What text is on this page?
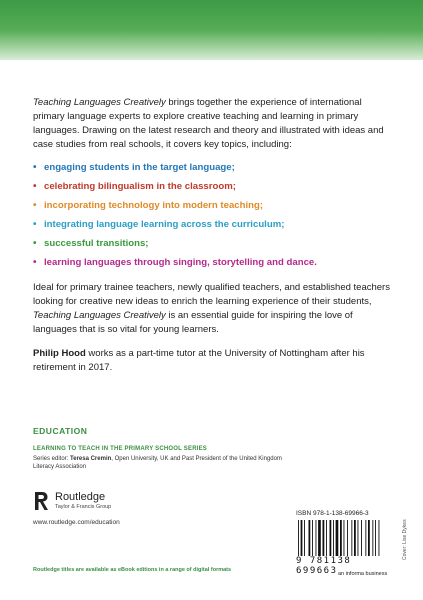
Teaching Languages Creatively brings together the experience of international primary language experts to explore creative teaching and learning in primary languages. Drawing on the latest research and theory and illustrated with ideas and case studies from real schools, it covers key topics, including:

• engaging students in the target language;
• celebrating bilingualism in the classroom;
• incorporating technology into modern teaching;
• integrating language learning across the curriculum;
• successful transitions;
• learning languages through singing, storytelling and dance.

Ideal for primary trainee teachers, newly qualified teachers, and established teachers looking for creative new ideas to enrich the learning experience of their students, Teaching Languages Creatively is an essential guide for inspiring the love of languages that is so vital for young learners.

Philip Hood works as a part-time tutor at the University of Nottingham after his retirement in 2017.

EDUCATION
LEARNING TO TEACH IN THE PRIMARY SCHOOL SERIES
Series editor: Teresa Cremin, Open University, UK and Past President of the United Kingdom Literacy Association
Routledge
Taylor & Francis Group
www.routledge.com/education
Routledge titles are available as eBook editions in a range of digital formats
ISBN 978-1-138-69966-3
9 781138 699663 an informa business
Cover: Lise Dykes
